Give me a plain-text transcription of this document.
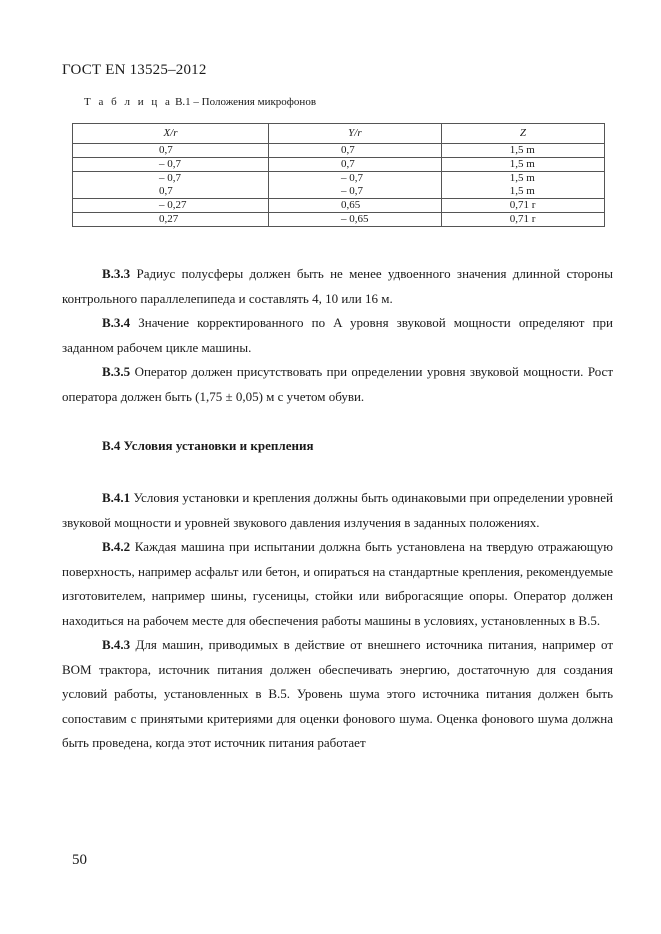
ГОСТ EN 13525–2012
Т а б л и ц а B.1 – Положения микрофонов
X/r	Y/r	Z
0,7	0,7	1,5 m
– 0,7	0,7	1,5 m
– 0,7	– 0,7	1,5 m
0,7	– 0,7	1,5 m
– 0,27	0,65	0,71 r
0,27	– 0,65	0,71 r

B.3.3 Радиус полусферы должен быть не менее удвоенного значения длинной стороны контрольного параллелепипеда и составлять 4, 10 или 16 м.

B.3.4 Значение корректированного по A уровня звуковой мощности определяют при заданном рабочем цикле машины.

B.3.5 Оператор должен присутствовать при определении уровня звуковой мощности. Рост оператора должен быть (1,75 ± 0,05) м с учетом обуви.

B.4 Условия установки и крепления

B.4.1 Условия установки и крепления должны быть одинаковыми при определении уровней звуковой мощности и уровней звукового давления излучения в заданных положениях.

B.4.2 Каждая машина при испытании должна быть установлена на твердую отражающую поверхность, например асфальт или бетон, и опираться на стандартные крепления, рекомендуемые изготовителем, например шины, гусеницы, стойки или виброгасящие опоры. Оператор должен находиться на рабочем месте для обеспечения работы машины в условиях, установленных в B.5.

B.4.3 Для машин, приводимых в действие от внешнего источника питания, например от ВОМ трактора, источник питания должен обеспечивать энергию, достаточную для создания условий работы, установленных в B.5. Уровень шума этого источника питания должен быть сопоставим с принятыми критериями для оценки фонового шума. Оценка фонового шума должна быть проведена, когда этот источник питания работает

50
